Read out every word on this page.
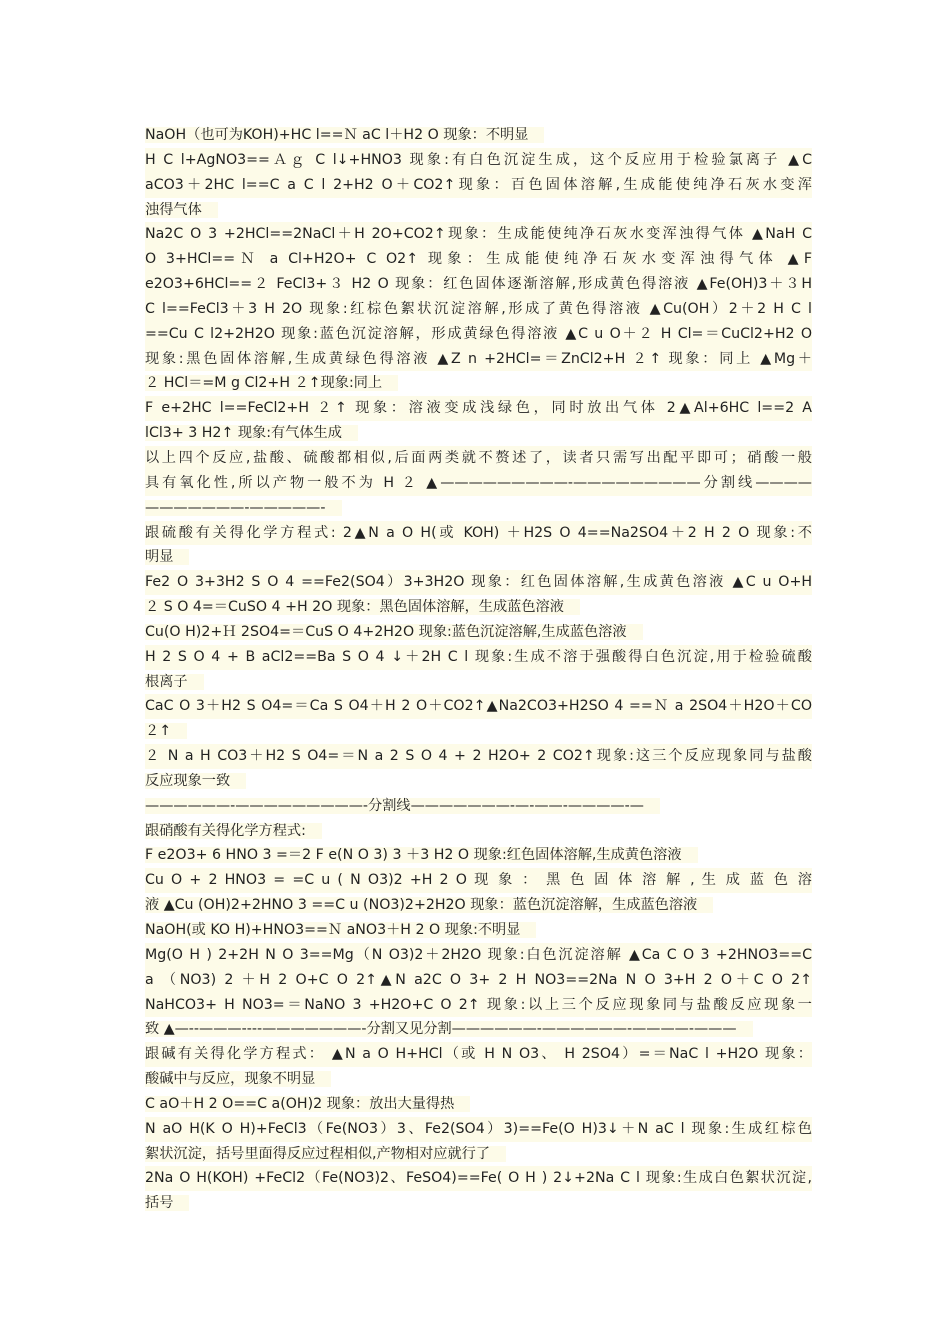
NaOH（也可为KOH)+HC l==Ｎ aC l＋H2 O 现象：不明显
H C l+AgNO3==Ａｇ C l↓+HNO3 现象:有白色沉淀生成，这个反应用于检验氯离子 ▲C
aCO3＋2HC l==C a C l 2+H2 O＋CO2↑现象：百色固体溶解,生成能使纯净石灰水变浑
浊得气体
Na2C O 3 +2HCl==2NaCl＋H 2O+CO2↑现象：生成能使纯净石灰水变浑浊得气体 ▲NaH C
O 3+HCl==Ｎ a Cl+H2O+ C O2↑ 现象：生成能使纯净石灰水变浑浊得气体 ▲F
e2O3+6HCl==２ FeCl3+３ H2 O 现象：红色固体逐渐溶解,形成黄色得溶液 ▲Fe(OH)3＋３H
C l==FeCl3＋3 H 2O 现象:红棕色絮状沉淀溶解,形成了黄色得溶液 ▲Cu(OH）2＋2 H C l
==Cu C l2+2H2O 现象:蓝色沉淀溶解，形成黄绿色得溶液 ▲C u O＋２ H Cl=＝CuCl2+H2 O
现象:黑色固体溶解,生成黄绿色得溶液 ▲Z n +2HCl=＝ZnCl2+H ２↑ 现象：同上 ▲Mg＋
２ HCl＝=M g Cl2+H ２↑现象:同上
F e+2HC l==FeCl2+H ２↑ 现象：溶液变成浅绿色，同时放出气体 2▲Al+6HC l==2 A
lCl3+ 3 H2↑ 现象:有气体生成
以上四个反应,盐酸、硫酸都相似,后面两类就不赘述了，读者只需写出配平即可；硝酸一般
具有氧化性,所以产物一般不为 H ２ ▲—————————-—————————分割线————
———————-—————-
跟硫酸有关得化学方程式: 2▲N a O H(或 KOH) ＋H2S O 4==Na2SO4＋2 H 2 O 现象:不
明显
Fe2 O 3+3H2 S O 4 ==Fe2(SO4）3+3H2O 现象：红色固体溶解,生成黄色溶液 ▲C u O+H
２ S O 4=＝CuSO 4 +H 2O 现象：黑色固体溶解，生成蓝色溶液
Cu(O H)2+Ｈ 2SO4=＝CuS O 4+2H2O 现象:蓝色沉淀溶解,生成蓝色溶液
H 2 S O 4 + B aCl2==Ba S O 4 ↓＋2H C l 现象:生成不溶于强酸得白色沉淀,用于检验硫酸
根离子
CaC O 3＋H2 S O4=＝Ca S O4＋H 2 O＋CO2↑▲Na2CO3+H2SO 4 ==Ｎ a 2SO4＋H2O＋CO
２↑
２ N a H CO3＋H2 S O4=＝N a 2 S O 4 + 2 H2O+ 2 CO2↑现象:这三个反应现象同与盐酸
反应现象一致
——————-—————————-分割线———————-—-——-————-—
跟硝酸有关得化学方程式:
F e2O3+ 6 HNO 3 =＝2 F e(N O 3) 3 ＋3 H2 O 现象:红色固体溶解,生成黄色溶液
Cu O + 2 HNO3 = =C u ( N O3)2 +H 2 O 现 象 ： 黑 色 固 体 溶 解 , 生 成 蓝 色 溶
液 ▲Cu (OH)2+2HNO 3 ==C u (NO3)2+2H2O 现象：蓝色沉淀溶解，生成蓝色溶液
NaOH(或 KO H)+HNO3==Ｎ aNO3＋H 2 O 现象:不明显
Mg(O H ) 2+2H N O 3==Mg（N O3)2＋2H2O 现象:白色沉淀溶解 ▲Ca C O 3 +2HNO3==C
a （NO3) 2 ＋H 2 O+C O 2↑▲N a2C O 3+ 2 H NO3==2Na N O 3+H 2 O＋C O 2↑
NaHCO3+ H NO3=＝NaNO 3 +H2O+C O 2↑ 现象:以上三个反应现象同与盐酸反应现象一
致 ▲—--———----———————-分割又见分割——————-——————-————-———
跟碱有关得化学方程式： ▲N a O H+HCl（或 H N O3、 H 2SO4）=＝NaC l +H2O 现象：
酸碱中与反应，现象不明显
C aO＋H 2 O==C a(OH)2 现象：放出大量得热
N aO H(K O H)+FeCl3（Fe(NO3）3、Fe2(SO4）3)==Fe(O H)3↓＋N aC l 现象:生成红棕色
絮状沉淀，括号里面得反应过程相似,产物相对应就行了
2Na O H(KOH) +FeCl2（Fe(NO3)2、FeSO4)==Fe( O H ) 2↓+2Na C l 现象:生成白色絮状沉淀,
括号
